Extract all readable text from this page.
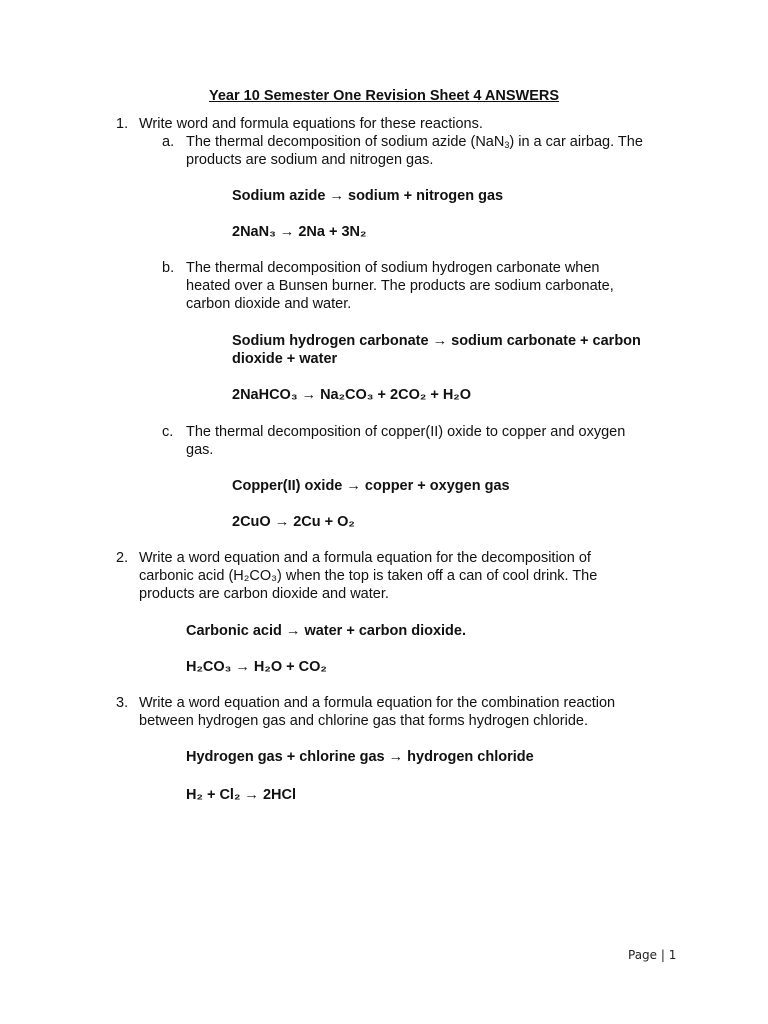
Year 10 Semester One Revision Sheet 4 ANSWERS
1. Write word and formula equations for these reactions.
a. The thermal decomposition of sodium azide (NaN$_3$) in a car airbag. The
products are sodium and nitrogen gas.
Sodium azide → sodium + nitrogen gas
2NaN₃ → 2Na + 3N₂
b. The thermal decomposition of sodium hydrogen carbonate when
heated over a Bunsen burner. The products are sodium carbonate,
carbon dioxide and water.
Sodium hydrogen carbonate → sodium carbonate + carbon
dioxide + water
2NaHCO₃ → Na₂CO₃ + 2CO₂ + H₂O
c. The thermal decomposition of copper(II) oxide to copper and oxygen
gas.
Copper(II) oxide → copper + oxygen gas
2CuO → 2Cu + O₂
2. Write a word equation and a formula equation for the decomposition of
carbonic acid (H₂CO₃) when the top is taken off a can of cool drink. The
products are carbon dioxide and water.
Carbonic acid → water + carbon dioxide.
H₂CO₃ → H₂O + CO₂
3. Write a word equation and a formula equation for the combination reaction
between hydrogen gas and chlorine gas that forms hydrogen chloride.
Hydrogen gas + chlorine gas → hydrogen chloride
H₂ + Cl₂ → 2HCl
Page | 1
